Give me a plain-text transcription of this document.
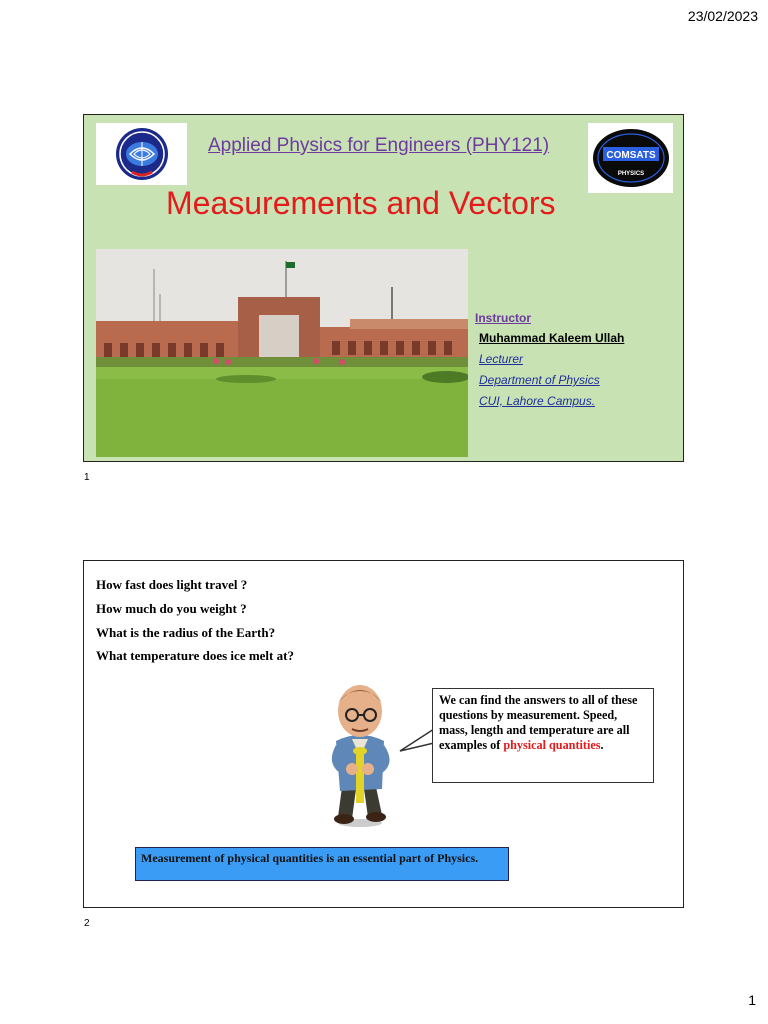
23/02/2023
Applied Physics for Engineers (PHY121)	COMSATS
PHYSICS
Measurements and Vectors
Instructor
Muhammad Kaleem Ullah
Lecturer
Department of Physics
CUI, Lahore Campus.
1
How fast does light travel ?
How much do you weight ?
What is the radius of the Earth?
What temperature does ice melt at?
We can find the answers to all of these questions by measurement. Speed, mass, length and temperature are all examples of physical quantities.
Measurement of physical quantities is an essential part of Physics.
2
1
